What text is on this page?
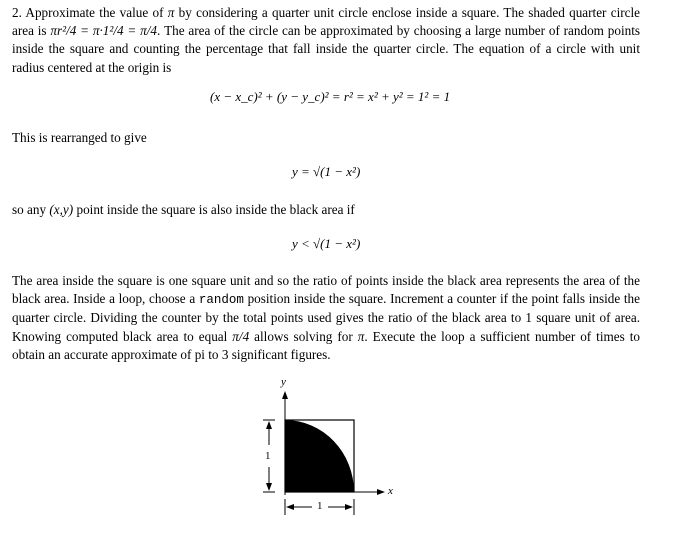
2. Approximate the value of π by considering a quarter unit circle enclose inside a square. The shaded quarter circle area is πr²/4 = π·1²/4 = π/4. The area of the circle can be approximated by choosing a large number of random points inside the square and counting the percentage that fall inside the quarter circle. The equation of a circle with unit radius centered at the origin is

(x − x_c)² + (y − y_c)² = r² = x² + y² = 1² = 1

This is rearranged to give

y = √(1 − x²)

so any (x,y) point inside the square is also inside the black area if

y < √(1 − x²)

The area inside the square is one square unit and so the ratio of points inside the black area represents the area of the black area. Inside a loop, choose a random position inside the square. Increment a counter if the point falls inside the quarter circle. Dividing the counter by the total points used gives the ratio of the black area to 1 square unit of area. Knowing computed black area to equal π/4 allows solving for π. Execute the loop a sufficient number of times to obtain an accurate approximate of pi to 3 significant figures.

y
x
1
1
